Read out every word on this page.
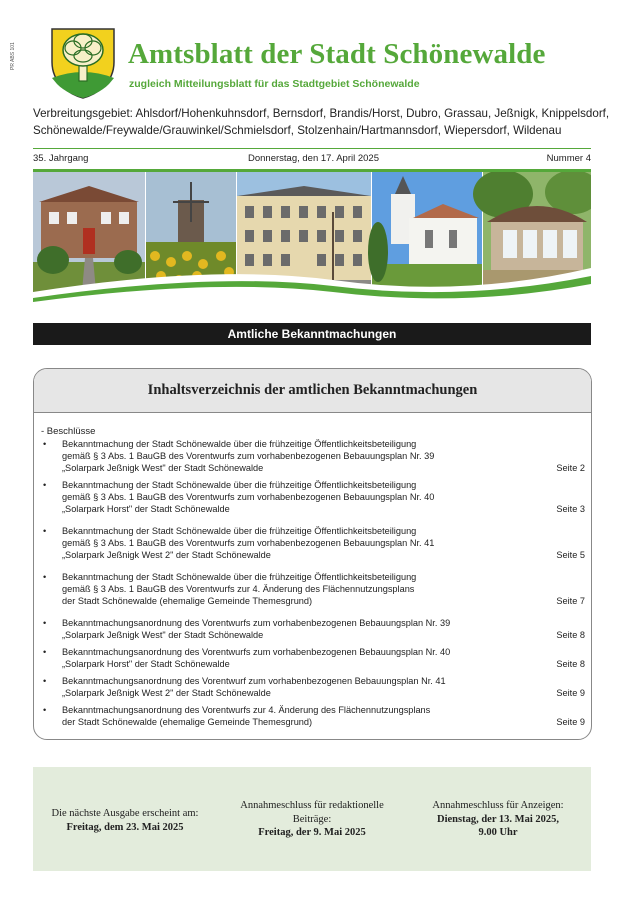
PR ABS 101	Amtsblatt der Stadt Schönewalde
zugleich Mitteilungsblatt für das Stadtgebiet Schönewalde
Verbreitungsgebiet: Ahlsdorf/Hohenkuhnsdorf, Bernsdorf, Brandis/Horst, Dubro, Grassau, Jeßnigk, Knippelsdorf,
Schönewalde/Freywalde/Grauwinkel/Schmielsdorf, Stolzenhain/Hartmannsdorf, Wiepersdorf, Wildenau
35. Jahrgang	Donnerstag, den 17. April 2025	Nummer 4
Amtliche Bekanntmachungen
Inhaltsverzeichnis der amtlichen Bekanntmachungen
- Beschlüsse
• Bekanntmachung der Stadt Schönewalde über die frühzeitige Öffentlichkeitsbeteiligung
gemäß § 3 Abs. 1 BauGB des Vorentwurfs zum vorhabenbezogenen Bebauungsplan Nr. 39
„Solarpark Jeßnigk West" der Stadt Schönewalde	Seite 2
• Bekanntmachung der Stadt Schönewalde über die frühzeitige Öffentlichkeitsbeteiligung
gemäß § 3 Abs. 1 BauGB des Vorentwurfs zum vorhabenbezogenen Bebauungsplan Nr. 40
„Solarpark Horst" der Stadt Schönewalde	Seite 3
• Bekanntmachung der Stadt Schönewalde über die frühzeitige Öffentlichkeitsbeteiligung
gemäß § 3 Abs. 1 BauGB des Vorentwurfs zum vorhabenbezogenen Bebauungsplan Nr. 41
„Solarpark Jeßnigk West 2" der Stadt Schönewalde	Seite 5
• Bekanntmachung der Stadt Schönewalde über die frühzeitige Öffentlichkeitsbeteiligung
gemäß § 3 Abs. 1 BauGB des Vorentwurfs zur 4. Änderung des Flächennutzungsplans
der Stadt Schönewalde (ehemalige Gemeinde Themesgrund)	Seite 7
• Bekanntmachungsanordnung des Vorentwurfs zum vorhabenbezogenen Bebauungsplan Nr. 39
„Solarpark Jeßnigk West" der Stadt Schönewalde	Seite 8
• Bekanntmachungsanordnung des Vorentwurfs zum vorhabenbezogenen Bebauungsplan Nr. 40
„Solarpark Horst" der Stadt Schönewalde	Seite 8
• Bekanntmachungsanordnung des Vorentwurf zum vorhabenbezogenen Bebauungsplan Nr. 41
„Solarpark Jeßnigk West 2" der Stadt Schönewalde	Seite 9
• Bekanntmachungsanordnung des Vorentwurfs zur 4. Änderung des Flächennutzungsplans
der Stadt Schönewalde (ehemalige Gemeinde Themesgrund)	Seite 9
Die nächste Ausgabe erscheint am:
Freitag, dem 23. Mai 2025
Annahmeschluss für redaktionelle
Beiträge:
Freitag, der 9. Mai 2025
Annahmeschluss für Anzeigen:
Dienstag, der 13. Mai 2025,
9.00 Uhr
